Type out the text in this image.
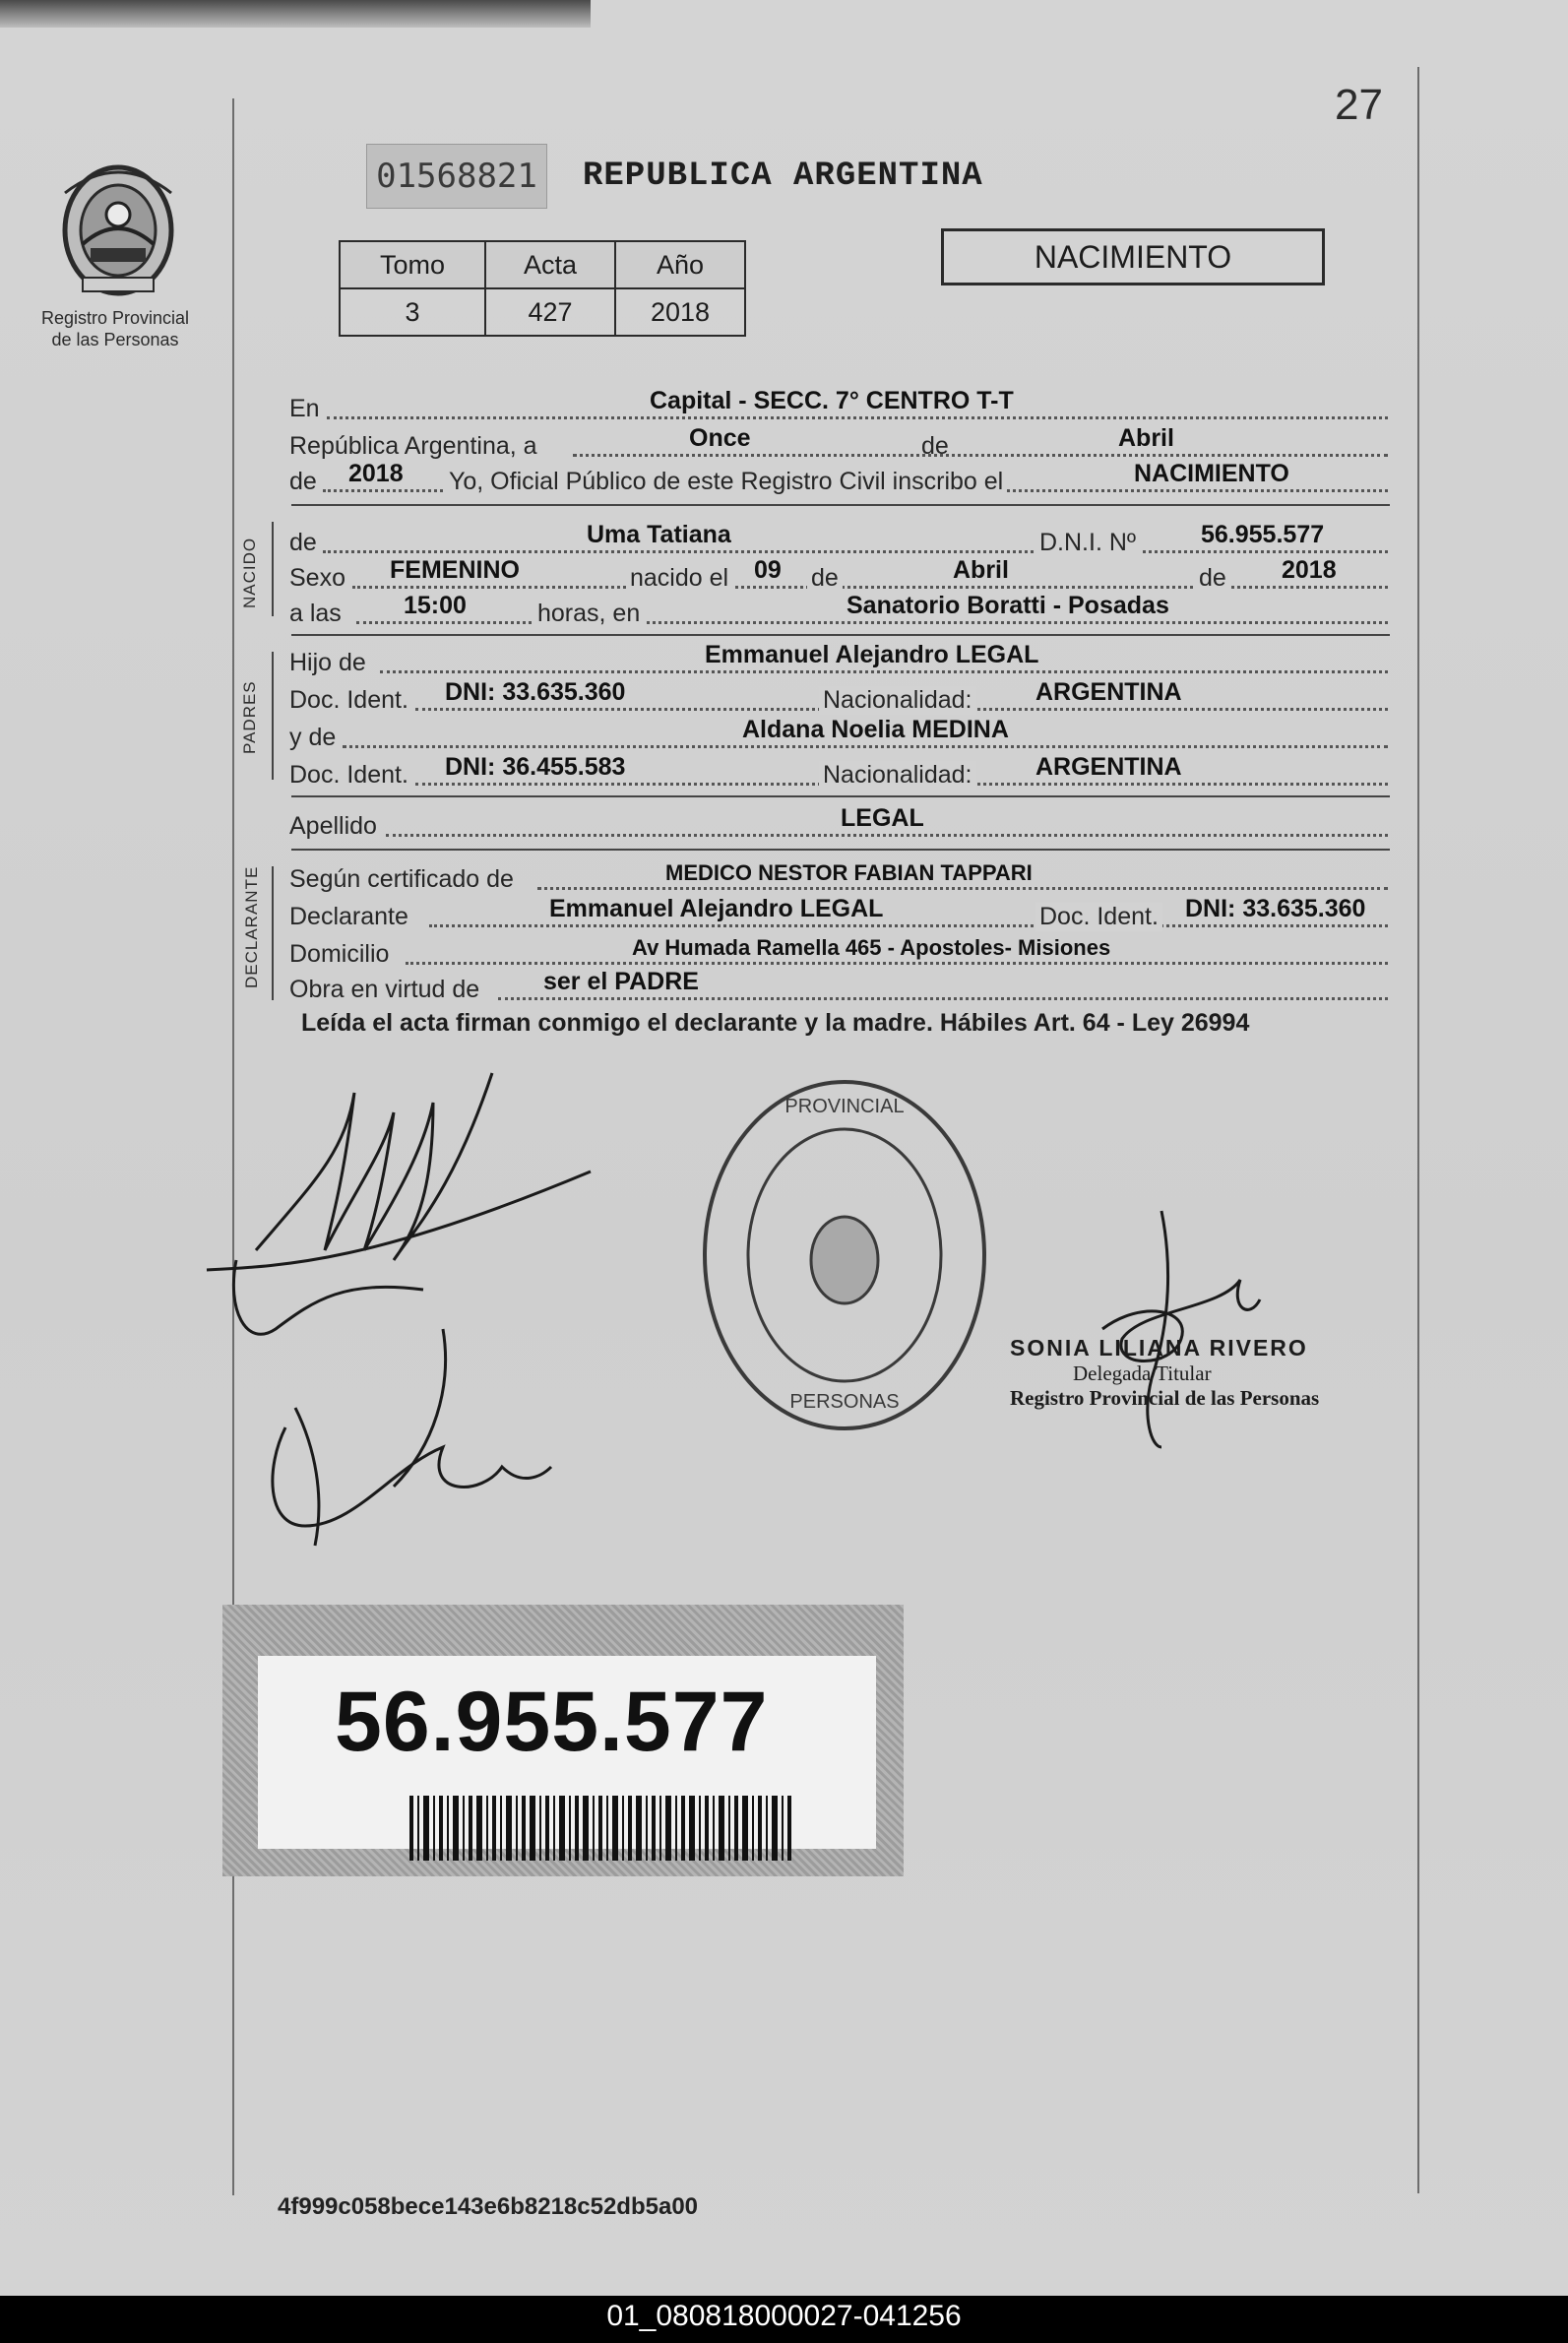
27
Registro Provincial
de las Personas
01568821 REPUBLICA ARGENTINA
Tomo	Acta	Año
3	427	2018
NACIMIENTO
En	Capital - SECC. 7° CENTRO T-T
República Argentina, a	Once	de	Abril
de 2018 Yo, Oficial Público de este Registro Civil inscribo el	NACIMIENTO
NACIDO de	Uma Tatiana	D.N.I. Nº	56.955.577
Sexo FEMENINO	nacido el 09 de	Abril	de 2018
a las	15:00	horas, en	Sanatorio Boratti - Posadas
PADRES
Hijo de	Emmanuel Alejandro LEGAL
Doc. Ident. DNI: 33.635.360	Nacionalidad:	ARGENTINA
y de	Aldana Noelia MEDINA
Doc. Ident. DNI: 36.455.583	Nacionalidad:	ARGENTINA
Apellido	LEGAL
DECLARANTE Según certificado de	MEDICO NESTOR FABIAN TAPPARI
Declarante	Emmanuel Alejandro LEGAL	Doc. Ident. DNI: 33.635.360
Domicilio	Av Humada Ramella 465 - Apostoles- Misiones
Obra en virtud de	ser el PADRE
Leída el acta firman conmigo el declarante y la madre. Hábiles Art. 64 - Ley 26994
PROVINCIAL
PERSONAS
SONIA LILIANA RIVERO
Delegada Titular
Registro Provincial de las Personas
56.955.577
4f999c058bece143e6b8218c52db5a00
01_080818000027-041256
